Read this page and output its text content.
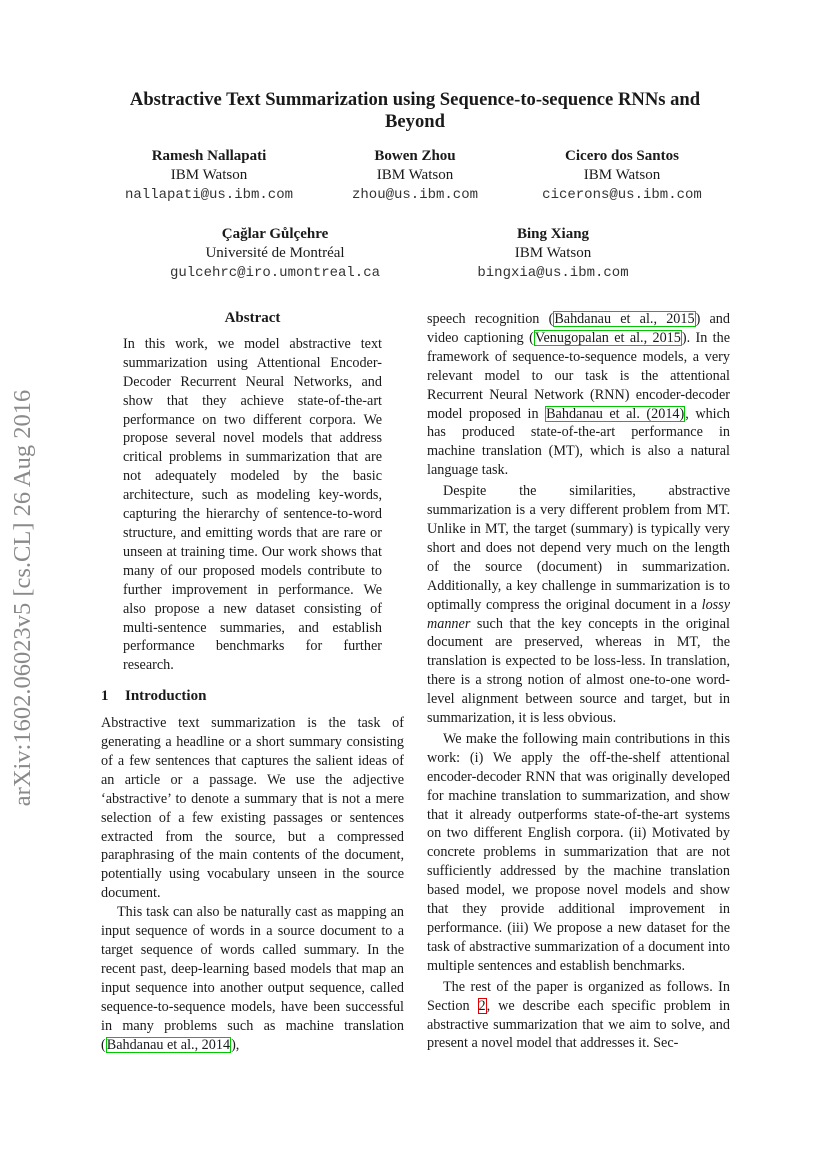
arXiv:1602.06023v5 [cs.CL] 26 Aug 2016
Abstractive Text Summarization using Sequence-to-sequence RNNs and Beyond
Ramesh Nallapati
IBM Watson
nallapati@us.ibm.com
Bowen Zhou
IBM Watson
zhou@us.ibm.com
Cicero dos Santos
IBM Watson
cicerons@us.ibm.com
Çağlar Gůlçehre
Université de Montréal
gulcehrc@iro.umontreal.ca
Bing Xiang
IBM Watson
bingxia@us.ibm.com
Abstract

In this work, we model abstractive text summarization using Attentional Encoder-Decoder Recurrent Neural Networks, and show that they achieve state-of-the-art performance on two different corpora. We propose several novel models that address critical problems in summarization that are not adequately modeled by the basic architecture, such as modeling key-words, capturing the hierarchy of sentence-to-word structure, and emitting words that are rare or unseen at training time. Our work shows that many of our proposed models contribute to further improvement in performance. We also propose a new dataset consisting of multi-sentence summaries, and establish performance benchmarks for further research.

1 Introduction

Abstractive text summarization is the task of generating a headline or a short summary consisting of a few sentences that captures the salient ideas of an article or a passage. We use the adjective ‘abstractive’ to denote a summary that is not a mere selection of a few existing passages or sentences extracted from the source, but a compressed paraphrasing of the main contents of the document, potentially using vocabulary unseen in the source document.

This task can also be naturally cast as mapping an input sequence of words in a source document to a target sequence of words called summary. In the recent past, deep-learning based models that map an input sequence into another output sequence, called sequence-to-sequence models, have been successful in many problems such as machine translation (Bahdanau et al., 2014),

speech recognition (Bahdanau et al., 2015) and video captioning (Venugopalan et al., 2015). In the framework of sequence-to-sequence models, a very relevant model to our task is the attentional Recurrent Neural Network (RNN) encoder-decoder model proposed in Bahdanau et al. (2014), which has produced state-of-the-art performance in machine translation (MT), which is also a natural language task.

Despite the similarities, abstractive summarization is a very different problem from MT. Unlike in MT, the target (summary) is typically very short and does not depend very much on the length of the source (document) in summarization. Additionally, a key challenge in summarization is to optimally compress the original document in a lossy manner such that the key concepts in the original document are preserved, whereas in MT, the translation is expected to be loss-less. In translation, there is a strong notion of almost one-to-one word-level alignment between source and target, but in summarization, it is less obvious.

We make the following main contributions in this work: (i) We apply the off-the-shelf attentional encoder-decoder RNN that was originally developed for machine translation to summarization, and show that it already outperforms state-of-the-art systems on two different English corpora. (ii) Motivated by concrete problems in summarization that are not sufficiently addressed by the machine translation based model, we propose novel models and show that they provide additional improvement in performance. (iii) We propose a new dataset for the task of abstractive summarization of a document into multiple sentences and establish benchmarks.

The rest of the paper is organized as follows. In Section 2, we describe each specific problem in abstractive summarization that we aim to solve, and present a novel model that addresses it. Sec-
